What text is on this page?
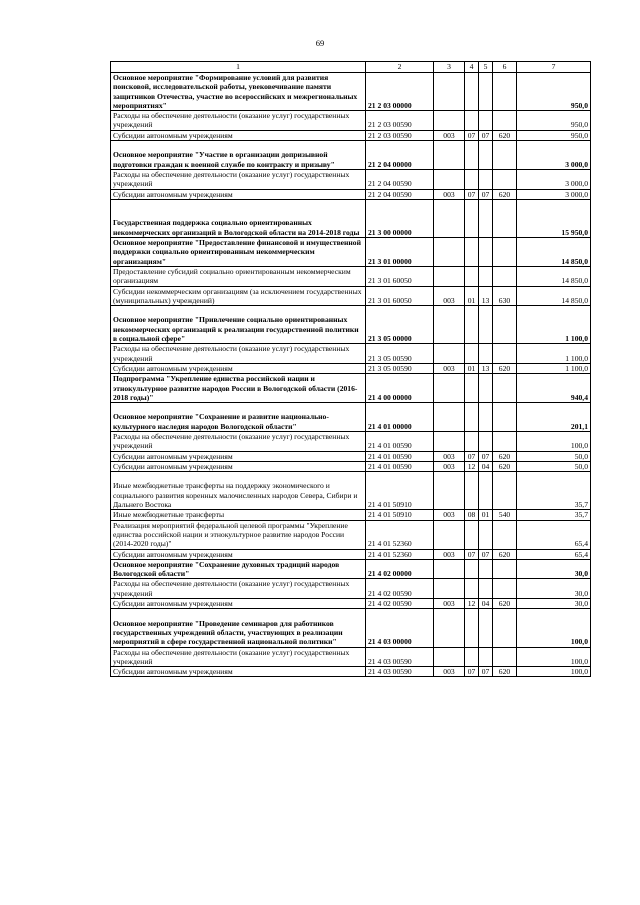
69
1	2	3	4	5	6	7
Основное мероприятие "Формирование условий для развития поисковой, исследовательской работы, увековечивание памяти защитников Отечества, участие во всероссийских и межрегиональных мероприятиях"	21 2 03 00000					950,0
Расходы на обеспечение деятельности (оказание услуг) государственных учреждений	21 2 03 00590					950,0
Субсидии автономным учреждениям	21 2 03 00590	003	07	07	620	950,0
Основное мероприятие "Участие в организации допризывной подготовки граждан к военной службе по контракту и призыву"	21 2 04 00000					3 000,0
Расходы на обеспечение деятельности (оказание услуг) государственных учреждений	21 2 04 00590					3 000,0
Субсидии автономным учреждениям	21 2 04 00590	003	07	07	620	3 000,0
Государственная поддержка социально ориентированных некоммерческих организаций в Вологодской области на 2014-2018 годы	21 3 00 00000					15 950,0
Основное мероприятие "Предоставление финансовой и имущественной поддержки социально ориентированным некоммерческим организациям"	21 3 01 00000					14 850,0
Предоставление субсидий социально ориентированным некоммерческим организациям	21 3 01 60050					14 850,0
Субсидии некоммерческим организациям (за исключением государственных (муниципальных) учреждений)	21 3 01 60050	003	01	13	630	14 850,0
Основное мероприятие "Привлечение социально ориентированных некоммерческих организаций к реализации государственной политики в социальной сфере"	21 3 05 00000					1 100,0
Расходы на обеспечение деятельности (оказание услуг) государственных учреждений	21 3 05 00590					1 100,0
Субсидии автономным учреждениям	21 3 05 00590	003	01	13	620	1 100,0
Подпрограмма "Укрепление единства российской нации и этнокультурное развитие народов России в Вологодской области (2016-2018 годы)"	21 4 00 00000					940,4
Основное мероприятие "Сохранение и развитие национально-культурного наследия народов Вологодской области"	21 4 01 00000					201,1
Расходы на обеспечение деятельности (оказание услуг) государственных учреждений	21 4 01 00590					100,0
Субсидии автономным учреждениям	21 4 01 00590	003	07	07	620	50,0
Субсидии автономным учреждениям	21 4 01 00590	003	12	04	620	50,0
Иные межбюджетные трансферты на поддержку экономического и социального развития коренных малочисленных народов Севера, Сибири и Дальнего Востока	21 4 01 50910					35,7
Иные межбюджетные трансферты	21 4 01 50910	003	08	01	540	35,7
Реализация мероприятий федеральной целевой программы "Укрепление единства российской нации и этнокультурное развитие народов России (2014-2020 годы)"	21 4 01 52360					65,4
Субсидии автономным учреждениям	21 4 01 52360	003	07	07	620	65,4
Основное мероприятие "Сохранение духовных традиций народов Вологодской области"	21 4 02 00000					30,0
Расходы на обеспечение деятельности (оказание услуг) государственных учреждений	21 4 02 00590					30,0
Субсидии автономным учреждениям	21 4 02 00590	003	12	04	620	30,0
Основное мероприятие "Проведение семинаров для работников государственных учреждений области, участвующих в реализации мероприятий в сфере государственной национальной политики"	21 4 03 00000					100,0
Расходы на обеспечение деятельности (оказание услуг) государственных учреждений	21 4 03 00590					100,0
Субсидии автономным учреждениям	21 4 03 00590	003	07	07	620	100,0
